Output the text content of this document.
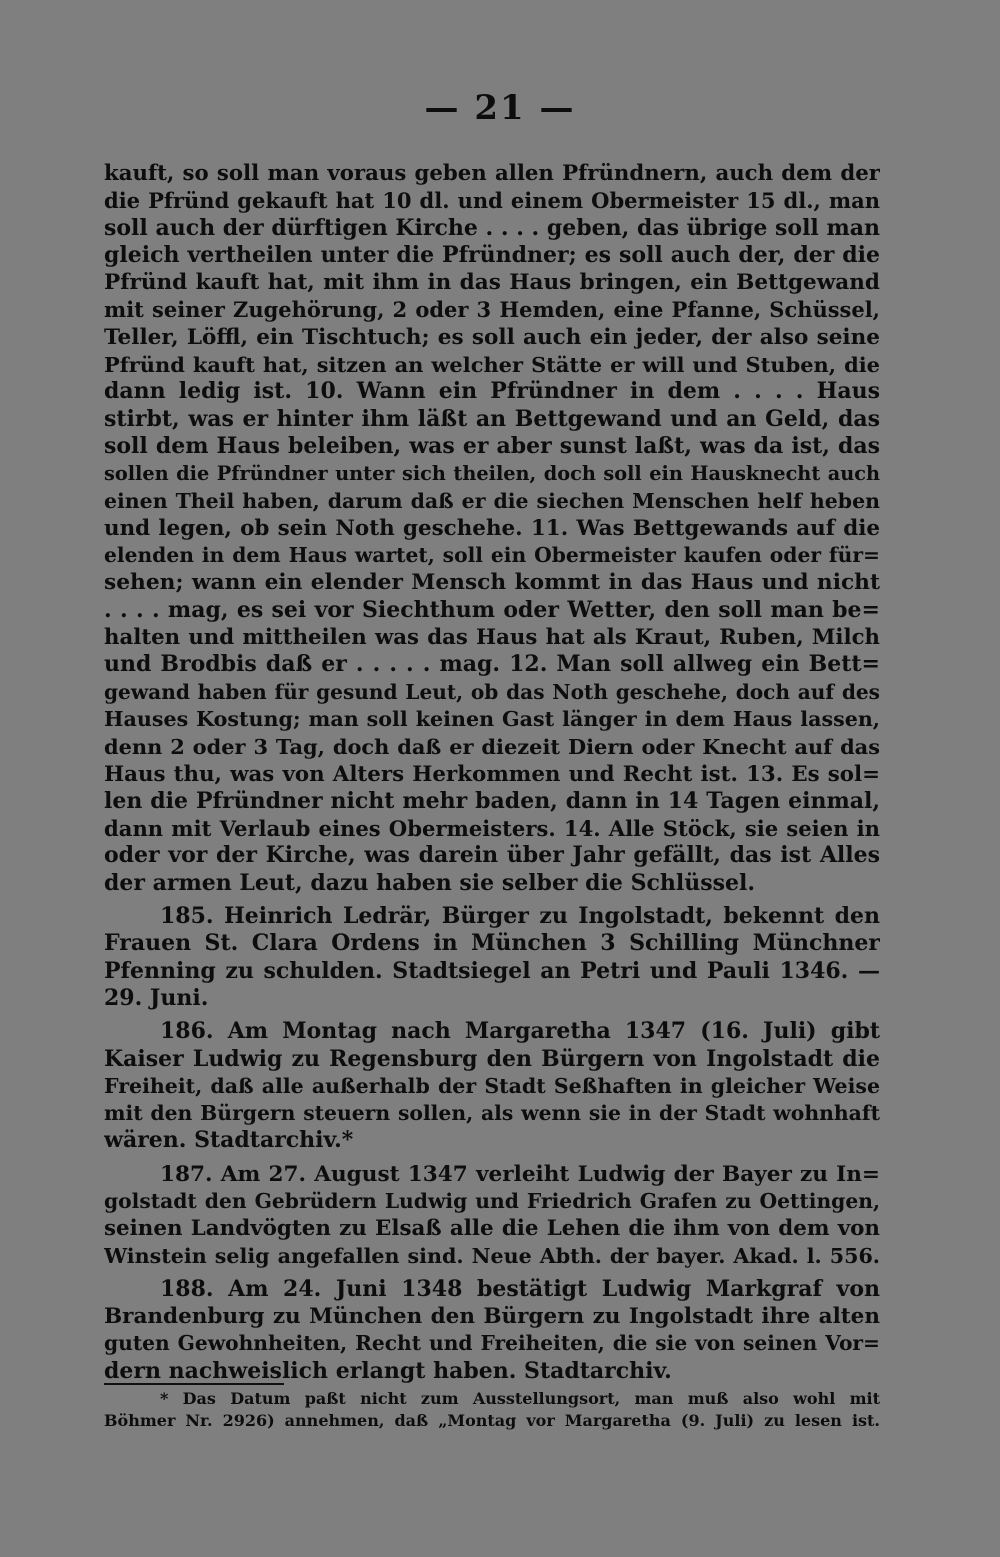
— 21 —
kauft, so soll man voraus geben allen Pfründnern, auch dem der
die Pfründ gekauft hat 10 dl. und einem Obermeister 15 dl., man
soll auch der dürftigen Kirche . . . . geben, das übrige soll man
gleich vertheilen unter die Pfründner; es soll auch der, der die
Pfründ kauft hat, mit ihm in das Haus bringen, ein Bettgewand
mit seiner Zugehörung, 2 oder 3 Hemden, eine Pfanne, Schüssel,
Teller, Löffl, ein Tischtuch; es soll auch ein jeder, der also seine
Pfründ kauft hat, sitzen an welcher Stätte er will und Stuben, die
dann ledig ist. 10. Wann ein Pfründner in dem . . . . Haus
stirbt, was er hinter ihm läßt an Bettgewand und an Geld, das
soll dem Haus beleiben, was er aber sunst laßt, was da ist, das
sollen die Pfründner unter sich theilen, doch soll ein Hausknecht auch
einen Theil haben, darum daß er die siechen Menschen helf heben
und legen, ob sein Noth geschehe. 11. Was Bettgewands auf die
elenden in dem Haus wartet, soll ein Obermeister kaufen oder für=
sehen; wann ein elender Mensch kommt in das Haus und nicht
. . . . mag, es sei vor Siechthum oder Wetter, den soll man be=
halten und mittheilen was das Haus hat als Kraut, Ruben, Milch
und Brodbis daß er . . . . . mag. 12. Man soll allweg ein Bett=
gewand haben für gesund Leut, ob das Noth geschehe, doch auf des
Hauses Kostung; man soll keinen Gast länger in dem Haus lassen,
denn 2 oder 3 Tag, doch daß er diezeit Diern oder Knecht auf das
Haus thu, was von Alters Herkommen und Recht ist. 13. Es sol=
len die Pfründner nicht mehr baden, dann in 14 Tagen einmal,
dann mit Verlaub eines Obermeisters. 14. Alle Stöck, sie seien in
oder vor der Kirche, was darein über Jahr gefällt, das ist Alles
der armen Leut, dazu haben sie selber die Schlüssel.
185. Heinrich Ledrär, Bürger zu Ingolstadt, bekennt den
Frauen St. Clara Ordens in München 3 Schilling Münchner
Pfenning zu schulden. Stadtsiegel an Petri und Pauli 1346. —
29. Juni.
186. Am Montag nach Margaretha 1347 (16. Juli) gibt
Kaiser Ludwig zu Regensburg den Bürgern von Ingolstadt die
Freiheit, daß alle außerhalb der Stadt Seßhaften in gleicher Weise
mit den Bürgern steuern sollen, als wenn sie in der Stadt wohnhaft
wären. Stadtarchiv.*
187. Am 27. August 1347 verleiht Ludwig der Bayer zu In=
golstadt den Gebrüdern Ludwig und Friedrich Grafen zu Oettingen,
seinen Landvögten zu Elsaß alle die Lehen die ihm von dem von
Winstein selig angefallen sind. Neue Abth. der bayer. Akad. l. 556.
188. Am 24. Juni 1348 bestätigt Ludwig Markgraf von
Brandenburg zu München den Bürgern zu Ingolstadt ihre alten
guten Gewohnheiten, Recht und Freiheiten, die sie von seinen Vor=
dern nachweislich erlangt haben. Stadtarchiv.
* Das Datum paßt nicht zum Ausstellungsort, man muß also wohl mit
Böhmer Nr. 2926) annehmen, daß „Montag vor Margaretha (9. Juli) zu lesen ist.
